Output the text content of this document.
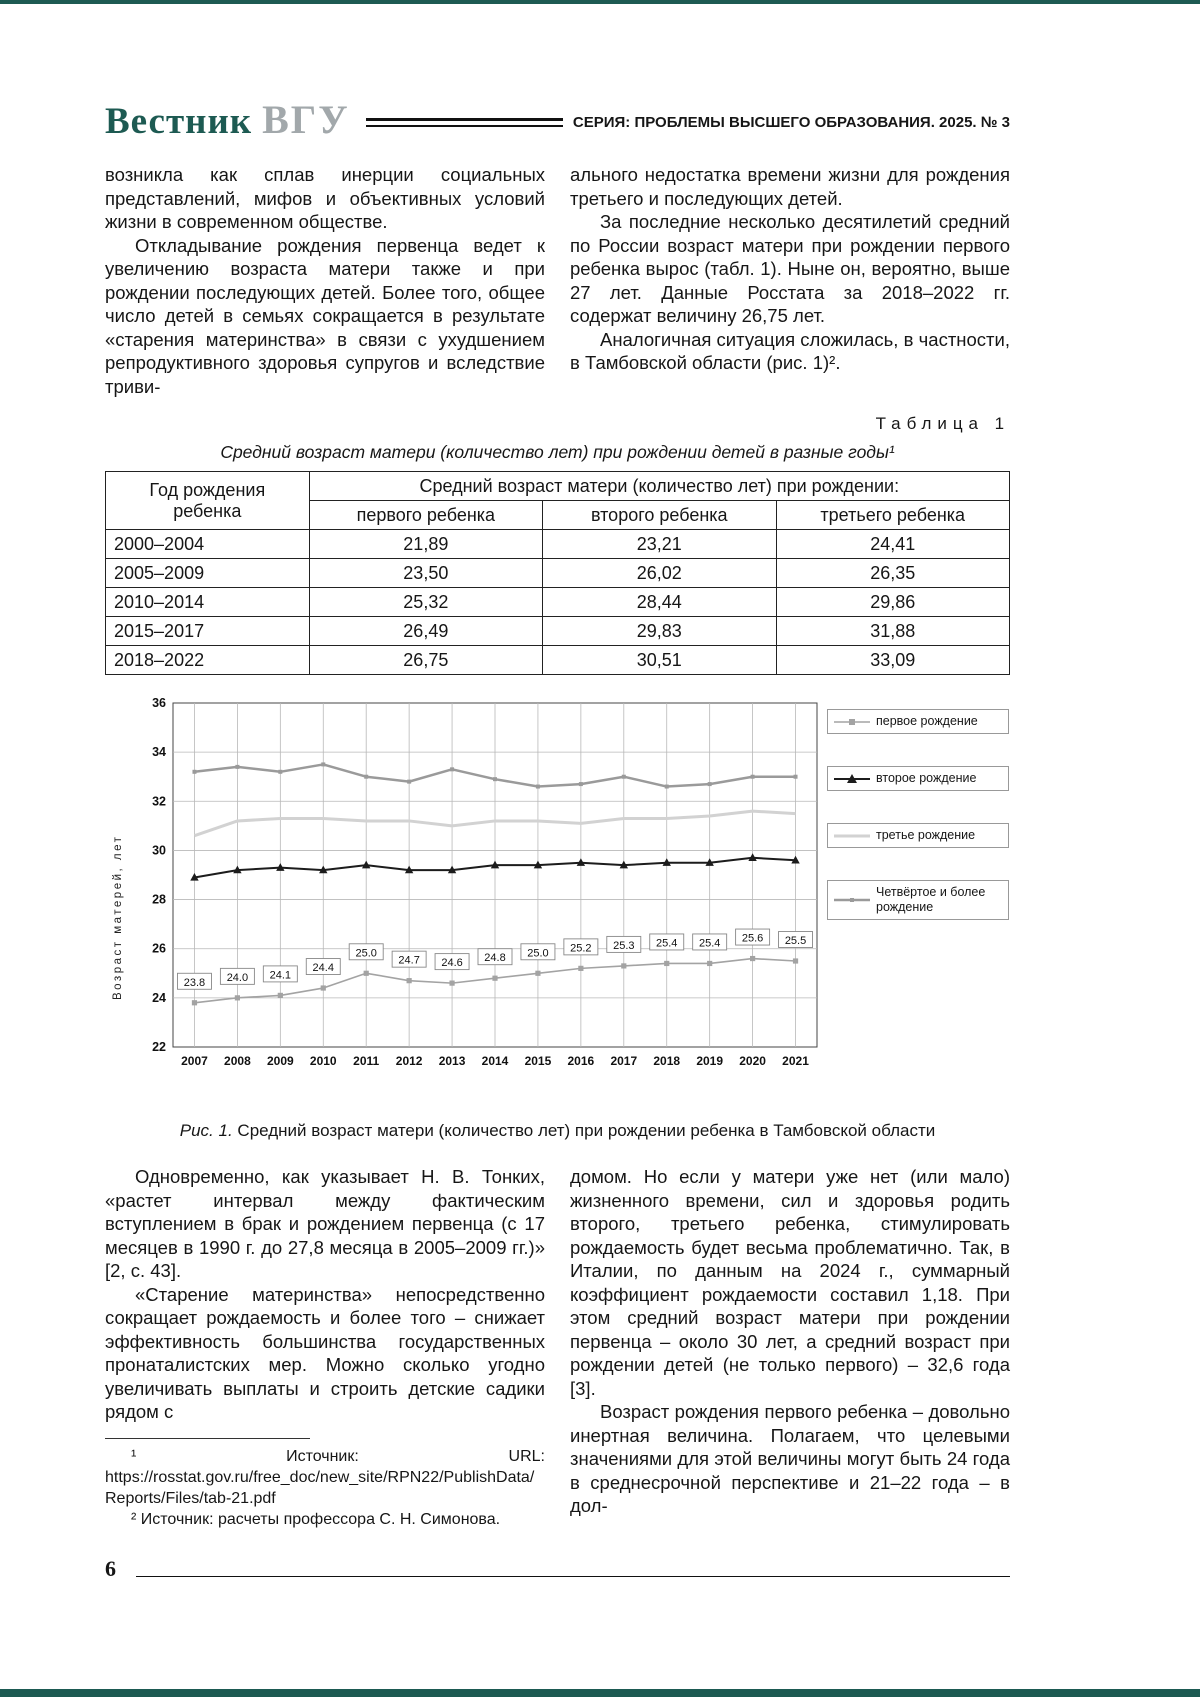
Вестник ВГУ	СЕРИЯ: ПРОБЛЕМЫ ВЫСШЕГО ОБРАЗОВАНИЯ. 2025. № 3

возникла как сплав инерции социальных представлений, мифов и объективных условий жизни в современном обществе.

Откладывание рождения первенца ведет к увеличению возраста матери также и при рождении последующих детей. Более того, общее число детей в семьях сокращается в результате «старения материнства» в связи с ухудшением репродуктивного здоровья супругов и вследствие триви-

ального недостатка времени жизни для рождения третьего и последующих детей.

За последние несколько десятилетий средний по России возраст матери при рождении первого ребенка вырос (табл. 1). Ныне он, вероятно, выше 27 лет. Данные Росстата за 2018–2022 гг. содержат величину 26,75 лет.

Аналогичная ситуация сложилась, в частности, в Тамбовской области (рис. 1)².

Таблица 1
Средний возраст матери (количество лет) при рождении детей в разные годы¹
Год рождения ребенка	Средний возраст матери (количество лет) при рождении:		
	первого ребенка	второго ребенка	третьего ребенка
2000–2004	21,89	23,21	24,41
2005–2009	23,50	26,02	26,35
2010–2014	25,32	28,44	29,86
2015–2017	26,49	29,83	31,88
2018–2022	26,75	30,51	33,09
Возраст матерей, лет
22
24
26
28
30
32
34
36
2007 2008 2009 2010 2011 2012 2013 2014 2015 2016 2017 2018 2019 2020 2021
23.8 24.0 24.1
24.4
25.0
24.7 24.6 24.8 25.0 25.2 25.3 25.4 25.4 25.6 25.5
первое рождение
второе рождение
третье рождение
Четвёртое и более рождение
Рис. 1. Средний возраст матери (количество лет) при рождении ребенка в Тамбовской области

Одновременно, как указывает Н. В. Тонких, «растет интервал между фактическим вступлением в брак и рождением первенца (с 17 месяцев в 1990 г. до 27,8 месяца в 2005–2009 гг.)» [2, с. 43].

«Старение материнства» непосредственно сокращает рождаемость и более того – снижает эффективность большинства государственных пронаталистских мер. Можно сколько угодно увеличивать выплаты и строить детские садики рядом с

¹ Источник: URL: https://rosstat.gov.ru/free_doc/new_site/RPN22/PublishData/Reports/Files/tab-21.pdf

² Источник: расчеты профессора С. Н. Симонова.

домом. Но если у матери уже нет (или мало) жизненного времени, сил и здоровья родить второго, третьего ребенка, стимулировать рождаемость будет весьма проблематично. Так, в Италии, по данным на 2024 г., суммарный коэффициент рождаемости составил 1,18. При этом средний возраст матери при рождении первенца – около 30 лет, а средний возраст при рождении детей (не только первого) – 32,6 года [3].

Возраст рождения первого ребенка – довольно инертная величина. Полагаем, что целевыми значениями для этой величины могут быть 24 года в среднесрочной перспективе и 21–22 года – в дол-

6
